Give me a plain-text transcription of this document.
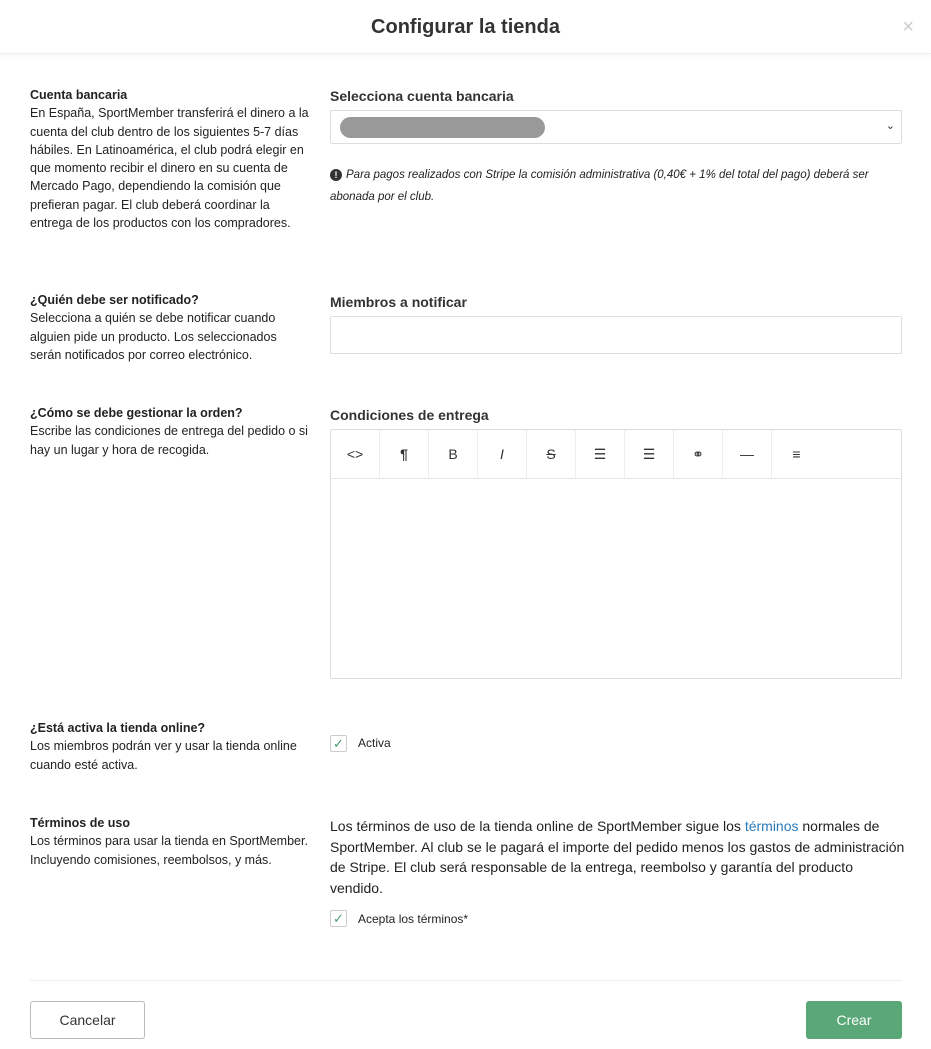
Configurar la tienda	×
Cuenta bancaria
En España, SportMember transferirá el dinero a la cuenta del club dentro de los siguientes 5-7 días hábiles. En Latinoamérica, el club podrá elegir en que momento recibir el dinero en su cuenta de Mercado Pago, dependiendo la comisión que prefieran pagar. El club deberá coordinar la entrega de los productos con los compradores.
Selecciona cuenta bancaria
⌄
! Para pagos realizados con Stripe la comisión administrativa (0,40€ + 1% del total del pago) deberá ser abonada por el club.
¿Quién debe ser notificado?
Selecciona a quién se debe notificar cuando alguien pide un producto. Los seleccionados serán notificados por correo electrónico.
Miembros a notificar
¿Cómo se debe gestionar la orden?
Escribe las condiciones de entrega del pedido o si hay un lugar y hora de recogida.
Condiciones de entrega
<>	¶	B	I	S	☰	☰	⚭	—	≡
¿Está activa la tienda online?
Los miembros podrán ver y usar la tienda online cuando esté activa.
✓ Activa
Términos de uso
Los términos para usar la tienda en SportMember. Incluyendo comisiones, reembolsos, y más.
Los términos de uso de la tienda online de SportMember sigue los términos normales de SportMember. Al club se le pagará el importe del pedido menos los gastos de administración de Stripe. El club será responsable de la entrega, reembolso y garantía del producto vendido.
✓ Acepta los términos*
Cancelar	Crear
